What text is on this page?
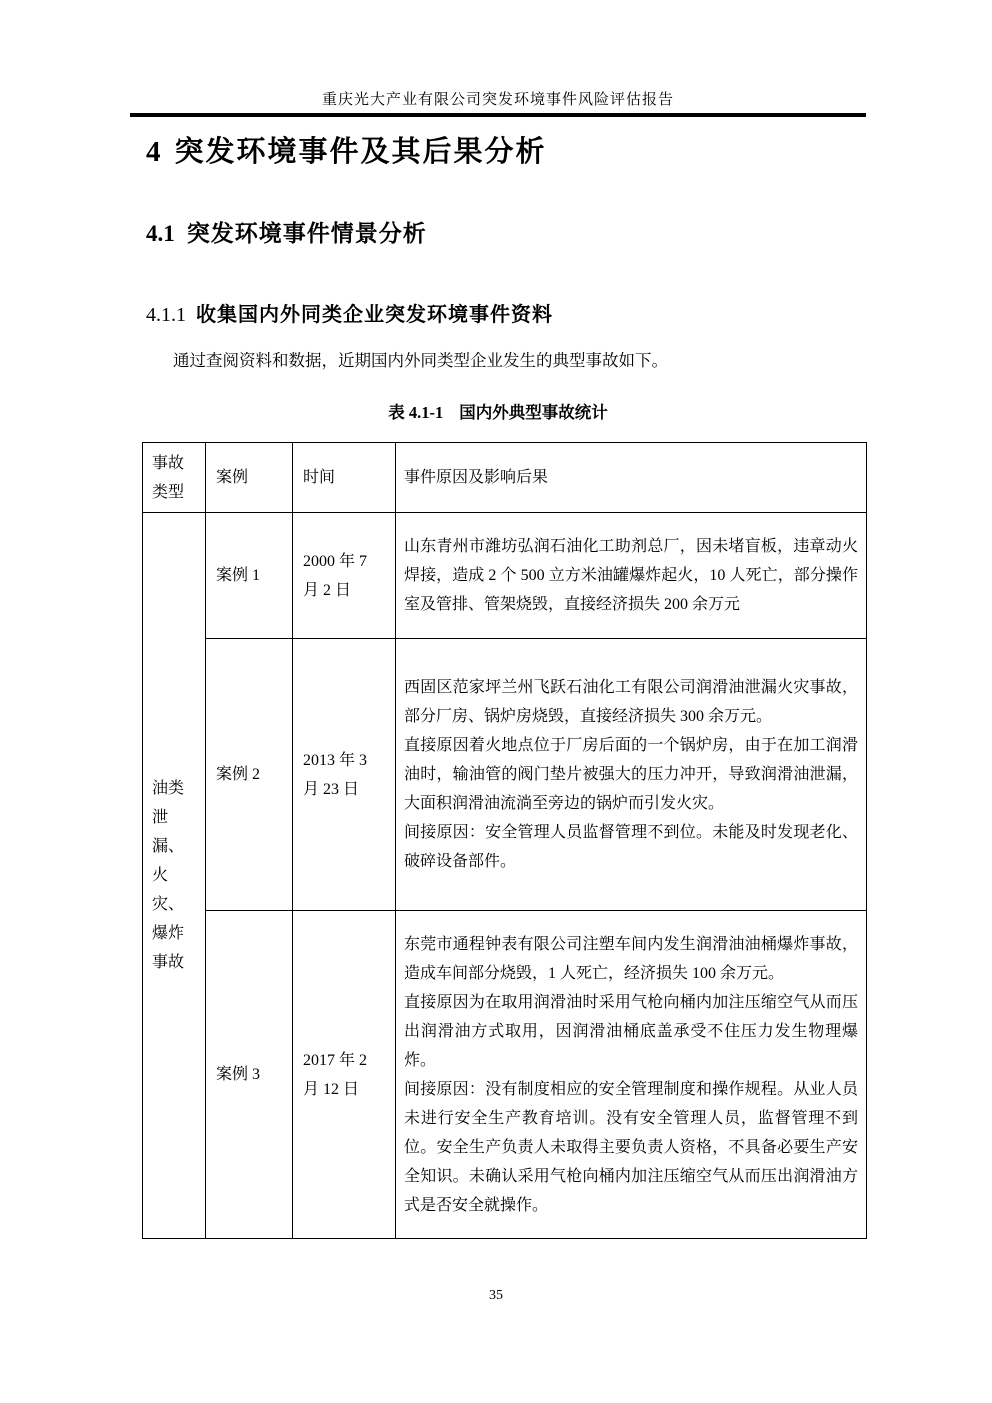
重庆光大产业有限公司突发环境事件风险评估报告
4 突发环境事件及其后果分析
4.1 突发环境事件情景分析
4.1.1 收集国内外同类企业突发环境事件资料

通过查阅资料和数据，近期国内外同类型企业发生的典型事故如下。

表 4.1-1 国内外典型事故统计
事故类型	案例	时间	事件原因及影响后果
油类泄漏、火灾、爆炸事故	案例 1	2000 年 7 月 2 日	山东青州市潍坊弘润石油化工助剂总厂，因未堵盲板，违章动火焊接，造成 2 个 500 立方米油罐爆炸起火，10 人死亡，部分操作室及管排、管架烧毁，直接经济损失 200 余万元

	案例 2	2013 年 3 月 23 日	西固区范家坪兰州飞跃石油化工有限公司润滑油泄漏火灾事故，部分厂房、锅炉房烧毁，直接经济损失 300 余万元。

直接原因着火地点位于厂房后面的一个锅炉房，由于在加工润滑油时，输油管的阀门垫片被强大的压力冲开，导致润滑油泄漏，大面积润滑油流淌至旁边的锅炉而引发火灾。

间接原因：安全管理人员监督管理不到位。未能及时发现老化、破碎设备部件。

	案例 3	2017 年 2 月 12 日	东莞市通程钟表有限公司注塑车间内发生润滑油油桶爆炸事故，造成车间部分烧毁，1 人死亡，经济损失 100 余万元。

直接原因为在取用润滑油时采用气枪向桶内加注压缩空气从而压出润滑油方式取用，因润滑油桶底盖承受不住压力发生物理爆炸。

间接原因：没有制度相应的安全管理制度和操作规程。从业人员未进行安全生产教育培训。没有安全管理人员，监督管理不到位。安全生产负责人未取得主要负责人资格，不具备必要生产安全知识。未确认采用气枪向桶内加注压缩空气从而压出润滑油方式是否安全就操作。

35
